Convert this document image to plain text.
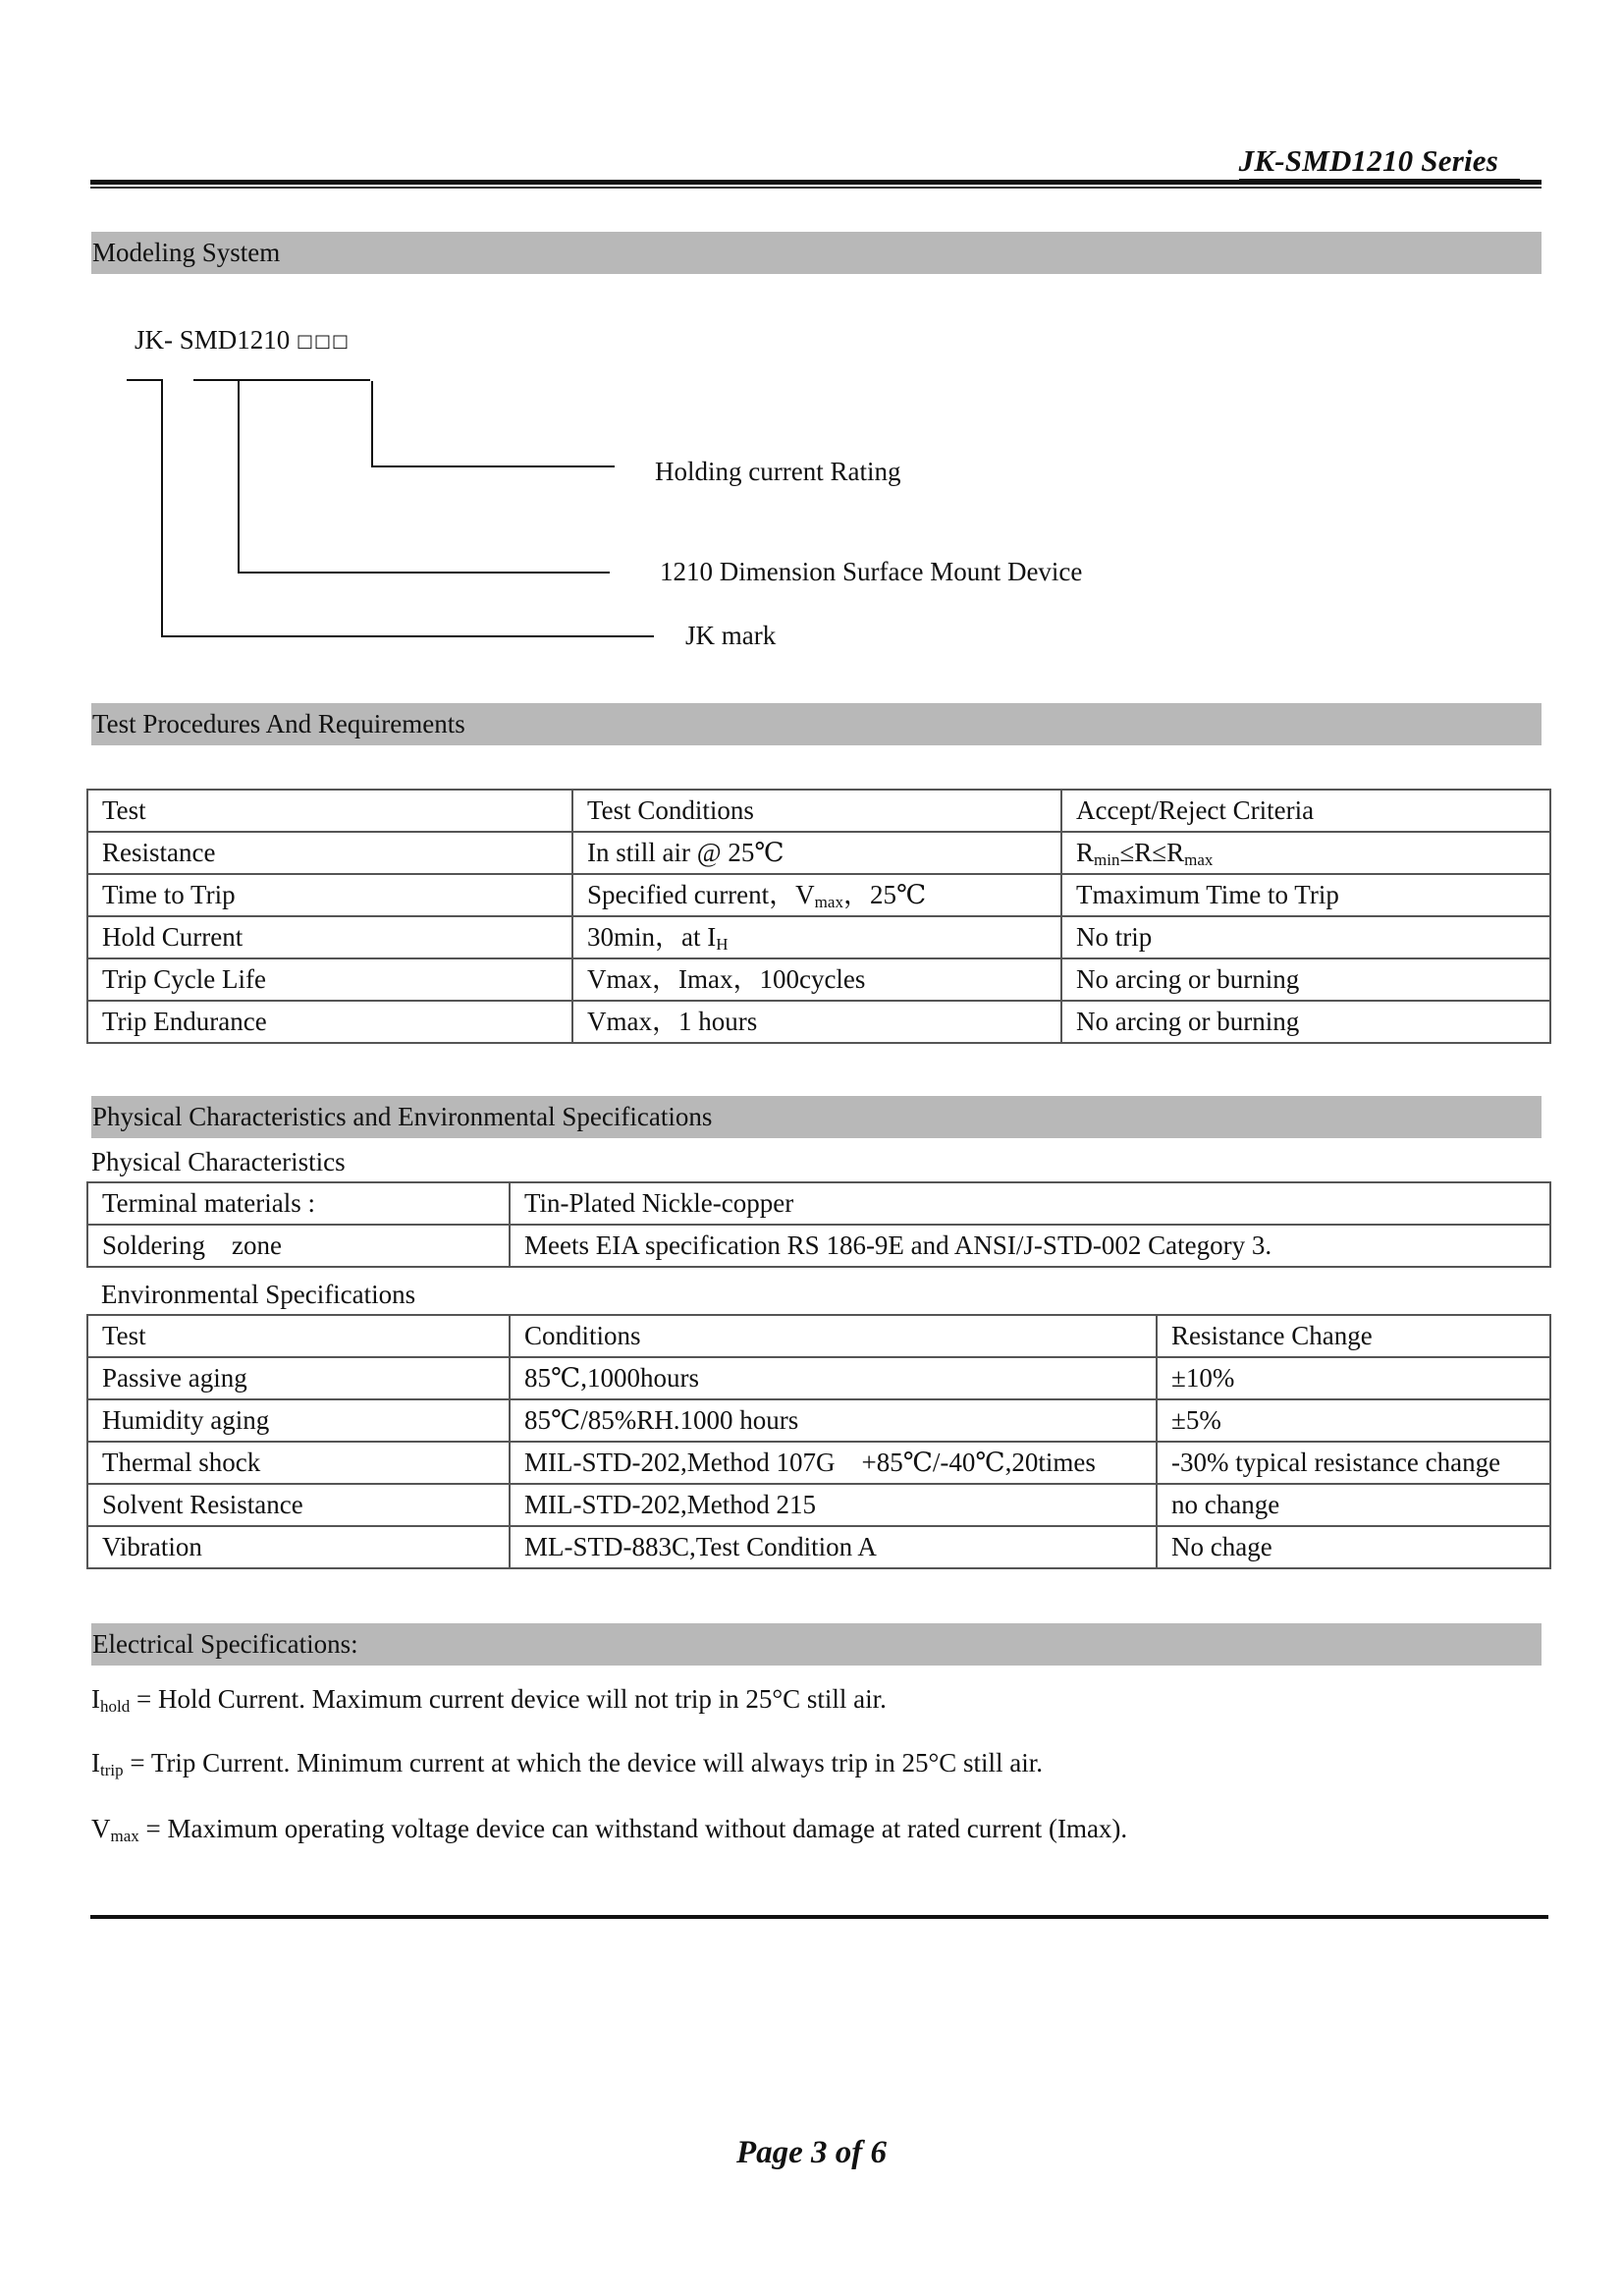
JK-SMD1210 Series
Modeling System
JK- SMD1210 □□□
Holding current Rating
1210 Dimension Surface Mount Device
JK mark
Test Procedures And Requirements
Test	Test Conditions	Accept/Reject Criteria
Resistance	In still air @ 25℃	$R_{min}\le R\le R_{max}$
Time to Trip	Specified current，$V_{max}$，25℃	Tmaximum Time to Trip
Hold Current	30min，at $I_H$	No trip
Trip Cycle Life	Vmax，Imax，100cycles	No arcing or burning
Trip Endurance	Vmax，1 hours	No arcing or burning
Physical Characteristics and Environmental Specifications
Physical Characteristics
Terminal materials :	Tin-Plated Nickle-copper
Soldering    zone	Meets EIA specification RS 186-9E and ANSI/J-STD-002 Category 3.
Environmental Specifications
Test	Conditions	Resistance Change
Passive aging	85℃,1000hours	±10%
Humidity aging	85℃/85%RH.1000 hours	±5%
Thermal shock	MIL-STD-202,Method 107G    +85℃/-40℃,20times	-30% typical resistance change
Solvent Resistance	MIL-STD-202,Method 215	no change
Vibration	ML-STD-883C,Test Condition A	No chage
Electrical Specifications:
$I_{hold}$ = Hold Current. Maximum current device will not trip in 25°C still air.
$I_{trip}$ = Trip Current. Minimum current at which the device will always trip in 25°C still air.
$V_{max}$ = Maximum operating voltage device can withstand without damage at rated current (Imax).
Page 3 of 6
